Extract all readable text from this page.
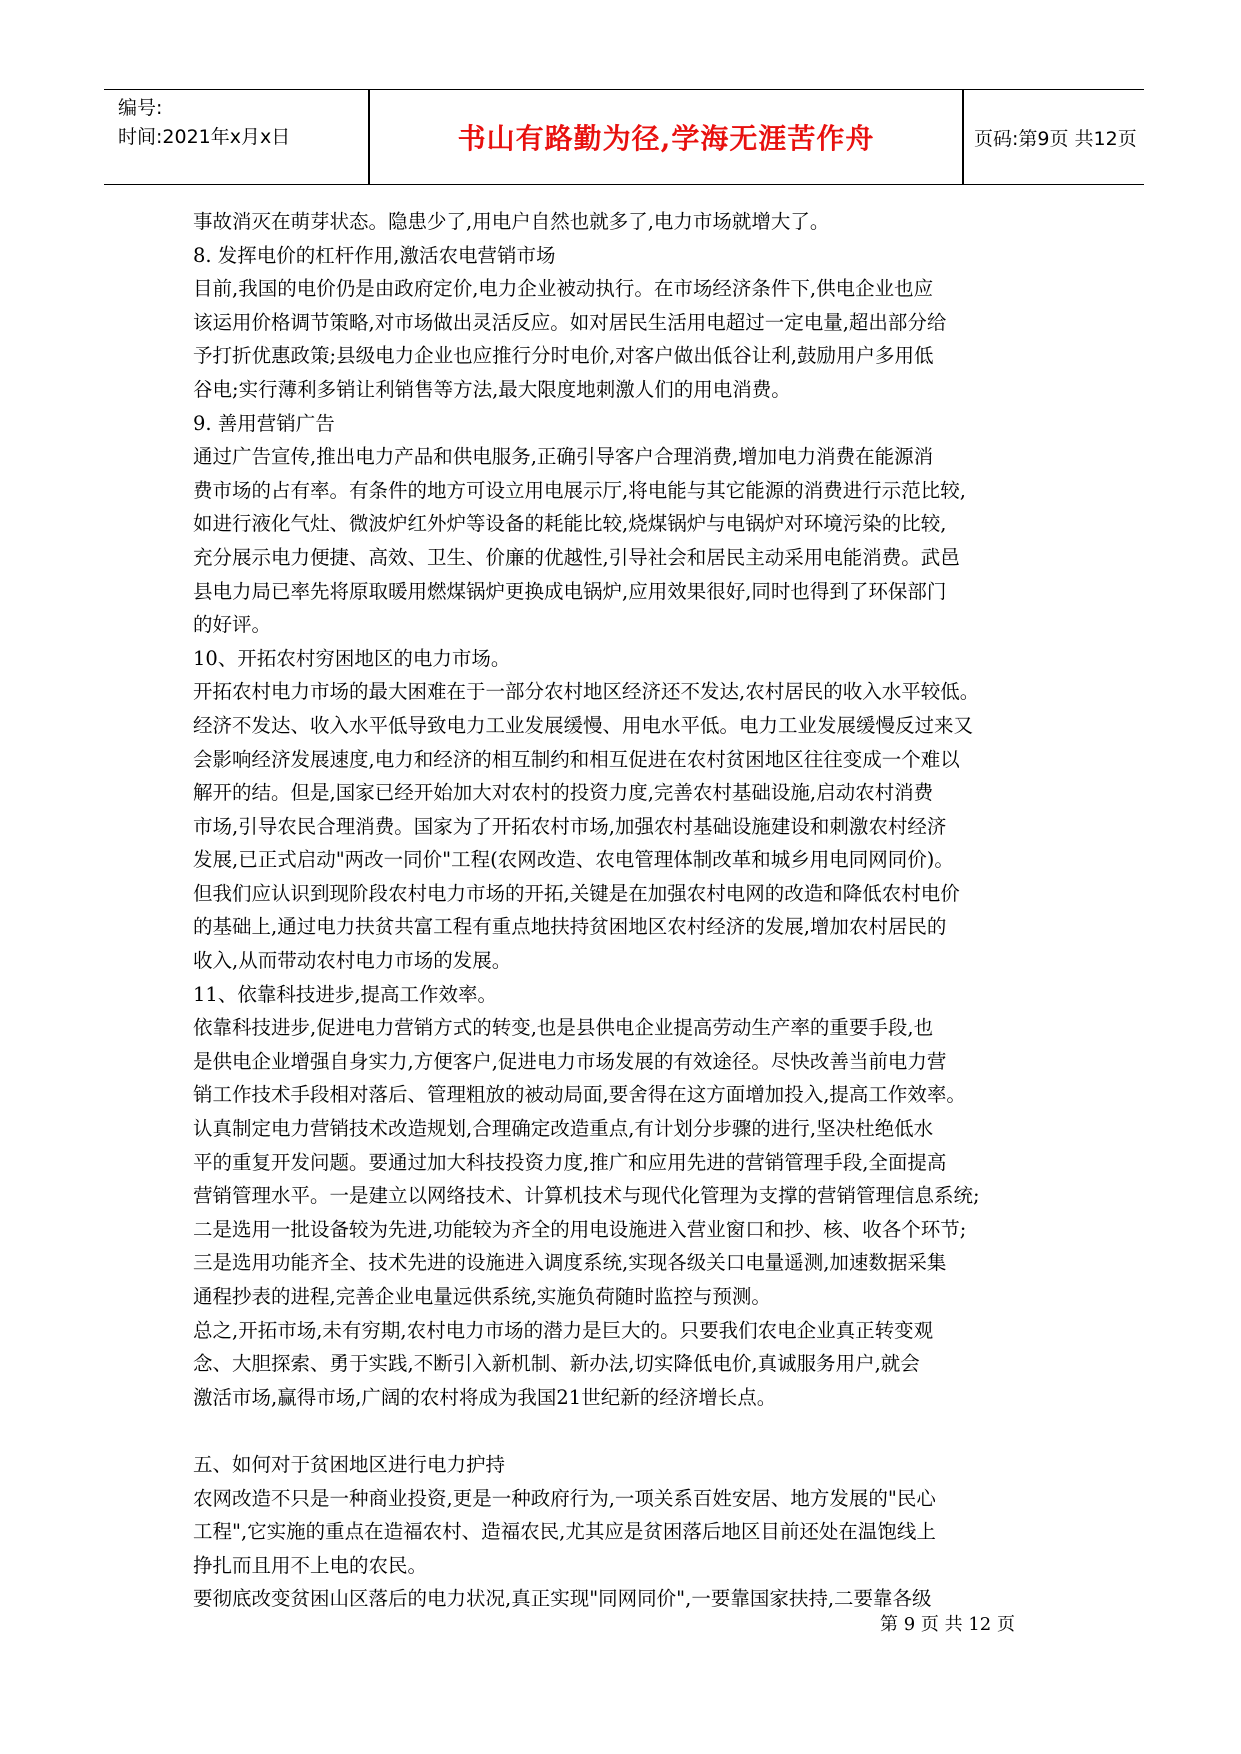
编号:
时间:2021年x月x日	书山有路勤为径,学海无涯苦作舟	页码:第9页 共12页
事故消灭在萌芽状态。隐患少了,用电户自然也就多了,电力市场就增大了。
8. 发挥电价的杠杆作用,激活农电营销市场
目前,我国的电价仍是由政府定价,电力企业被动执行。在市场经济条件下,供电企业也应
该运用价格调节策略,对市场做出灵活反应。如对居民生活用电超过一定电量,超出部分给
予打折优惠政策;县级电力企业也应推行分时电价,对客户做出低谷让利,鼓励用户多用低
谷电;实行薄利多销让利销售等方法,最大限度地刺激人们的用电消费。
9. 善用营销广告
通过广告宣传,推出电力产品和供电服务,正确引导客户合理消费,增加电力消费在能源消
费市场的占有率。有条件的地方可设立用电展示厅,将电能与其它能源的消费进行示范比较,
如进行液化气灶、微波炉红外炉等设备的耗能比较,烧煤锅炉与电锅炉对环境污染的比较,
充分展示电力便捷、高效、卫生、价廉的优越性,引导社会和居民主动采用电能消费。武邑
县电力局已率先将原取暖用燃煤锅炉更换成电锅炉,应用效果很好,同时也得到了环保部门
的好评。
10、开拓农村穷困地区的电力市场。
开拓农村电力市场的最大困难在于一部分农村地区经济还不发达,农村居民的收入水平较低。
经济不发达、收入水平低导致电力工业发展缓慢、用电水平低。电力工业发展缓慢反过来又
会影响经济发展速度,电力和经济的相互制约和相互促进在农村贫困地区往往变成一个难以
解开的结。但是,国家已经开始加大对农村的投资力度,完善农村基础设施,启动农村消费
市场,引导农民合理消费。国家为了开拓农村市场,加强农村基础设施建设和刺激农村经济
发展,已正式启动"两改一同价"工程(农网改造、农电管理体制改革和城乡用电同网同价)。
但我们应认识到现阶段农村电力市场的开拓,关键是在加强农村电网的改造和降低农村电价
的基础上,通过电力扶贫共富工程有重点地扶持贫困地区农村经济的发展,增加农村居民的
收入,从而带动农村电力市场的发展。
11、依靠科技进步,提高工作效率。
依靠科技进步,促进电力营销方式的转变,也是县供电企业提高劳动生产率的重要手段,也
是供电企业增强自身实力,方便客户,促进电力市场发展的有效途径。尽快改善当前电力营
销工作技术手段相对落后、管理粗放的被动局面,要舍得在这方面增加投入,提高工作效率。
认真制定电力营销技术改造规划,合理确定改造重点,有计划分步骤的进行,坚决杜绝低水
平的重复开发问题。要通过加大科技投资力度,推广和应用先进的营销管理手段,全面提高
营销管理水平。一是建立以网络技术、计算机技术与现代化管理为支撑的营销管理信息系统;
二是选用一批设备较为先进,功能较为齐全的用电设施进入营业窗口和抄、核、收各个环节;
三是选用功能齐全、技术先进的设施进入调度系统,实现各级关口电量遥测,加速数据采集
通程抄表的进程,完善企业电量远供系统,实施负荷随时监控与预测。
总之,开拓市场,未有穷期,农村电力市场的潜力是巨大的。只要我们农电企业真正转变观
念、大胆探索、勇于实践,不断引入新机制、新办法,切实降低电价,真诚服务用户,就会
激活市场,赢得市场,广阔的农村将成为我国21世纪新的经济增长点。
五、如何对于贫困地区进行电力护持
农网改造不只是一种商业投资,更是一种政府行为,一项关系百姓安居、地方发展的"民心
工程",它实施的重点在造福农村、造福农民,尤其应是贫困落后地区目前还处在温饱线上
挣扎而且用不上电的农民。
要彻底改变贫困山区落后的电力状况,真正实现"同网同价",一要靠国家扶持,二要靠各级
第 9 页 共 12 页
